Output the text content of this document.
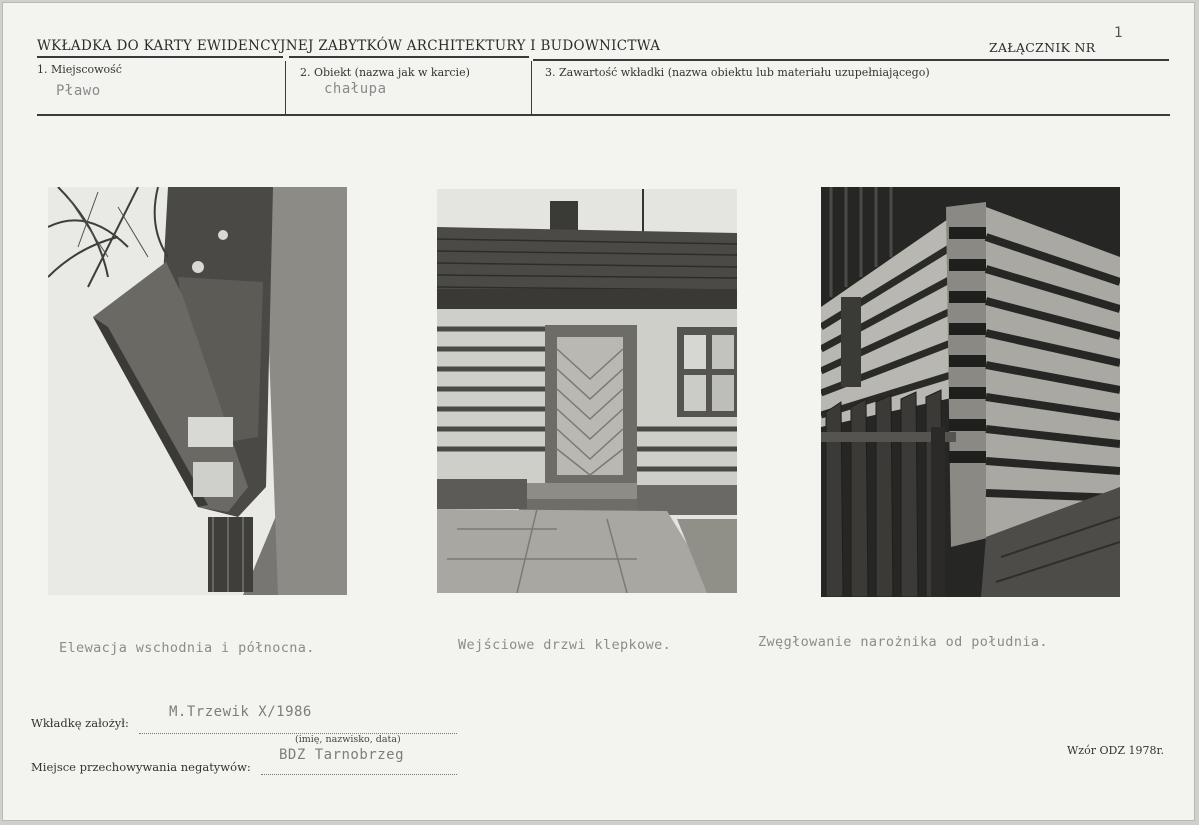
WKŁADKA DO KARTY EWIDENCYJNEJ ZABYTKÓW ARCHITEKTURY I BUDOWNICTWA	ZAŁĄCZNIK NR
1
1. Miejscowość
Pławo
2. Obiekt (nazwa jak w karcie)
chałupa
3. Zawartość wkładki (nazwa obiektu lub materiału uzupełniającego)
Elewacja wschodnia i północna.	Wejściowe drzwi klepkowe.	Zwęgłowanie narożnika od południa.
Wkładkę założył:
M.Trzewik X/1986
(imię, nazwisko, data)
Miejsce przechowywania negatywów:
BDZ Tarnobrzeg	Wzór ODZ 1978r.
